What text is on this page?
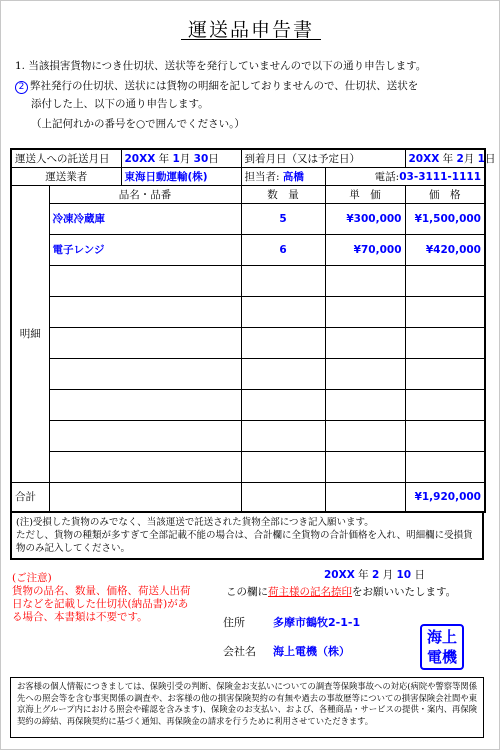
運送品申告書
1. 当該損害貨物につき仕切状、送状等を発行していませんので以下の通り申告します。
2 弊社発行の仕切状、送状には貨物の明細を記しておりませんので、仕切状、送状を
添付した上、以下の通り申告します。
（上記何れかの番号を○で囲んでください。）
運送人への託送月日		20XX 年 1月 30日	到着月日（又は予定日）		20XX 年 2月 1日
運送業者		東海日動運輸(株)	担当者: 高橋	電話:03-3111-1111	
明細	品名・品番		数　量	単　価	価　格
	冷凍冷蔵庫		5	¥300,000	¥1,500,000
	電子レンジ		6	¥70,000	¥420,000

合計					¥1,920,000
(注)受損した貨物のみでなく、当該運送で託送された貨物全部につき記入願います。
ただし、貨物の種類が多すぎて全部記載不能の場合は、合計欄に全貨物の合計価格を入れ、明細欄に受損貨物のみ記入してください。
(ご注意)
貨物の品名、数量、価格、荷送人出荷日などを記載した仕切状(納品書)がある場合、本書類は不要です。
20XX 年 2 月 10 日
この欄に荷主様の記名捺印をお願いいたします。
住所	多摩市鶴牧2-1-1
会社名 海上電機（株）
海上
電機
お客様の個人情報につきましては、保険引受の判断、保険金お支払いについての調査等保険事故への対応(病院や警察等関係先への照会等を含む事実関係の調査や、お客様の他の損害保険契約の有無や過去の事故歴等についての損害保険会社間や東京海上グループ内における照会や確認を含みます)、保険金のお支払い、および、各種商品・サービスの提供・案内、再保険契約の締結、再保険契約に基づく通知、再保険金の請求を行うために利用させていただきます。
